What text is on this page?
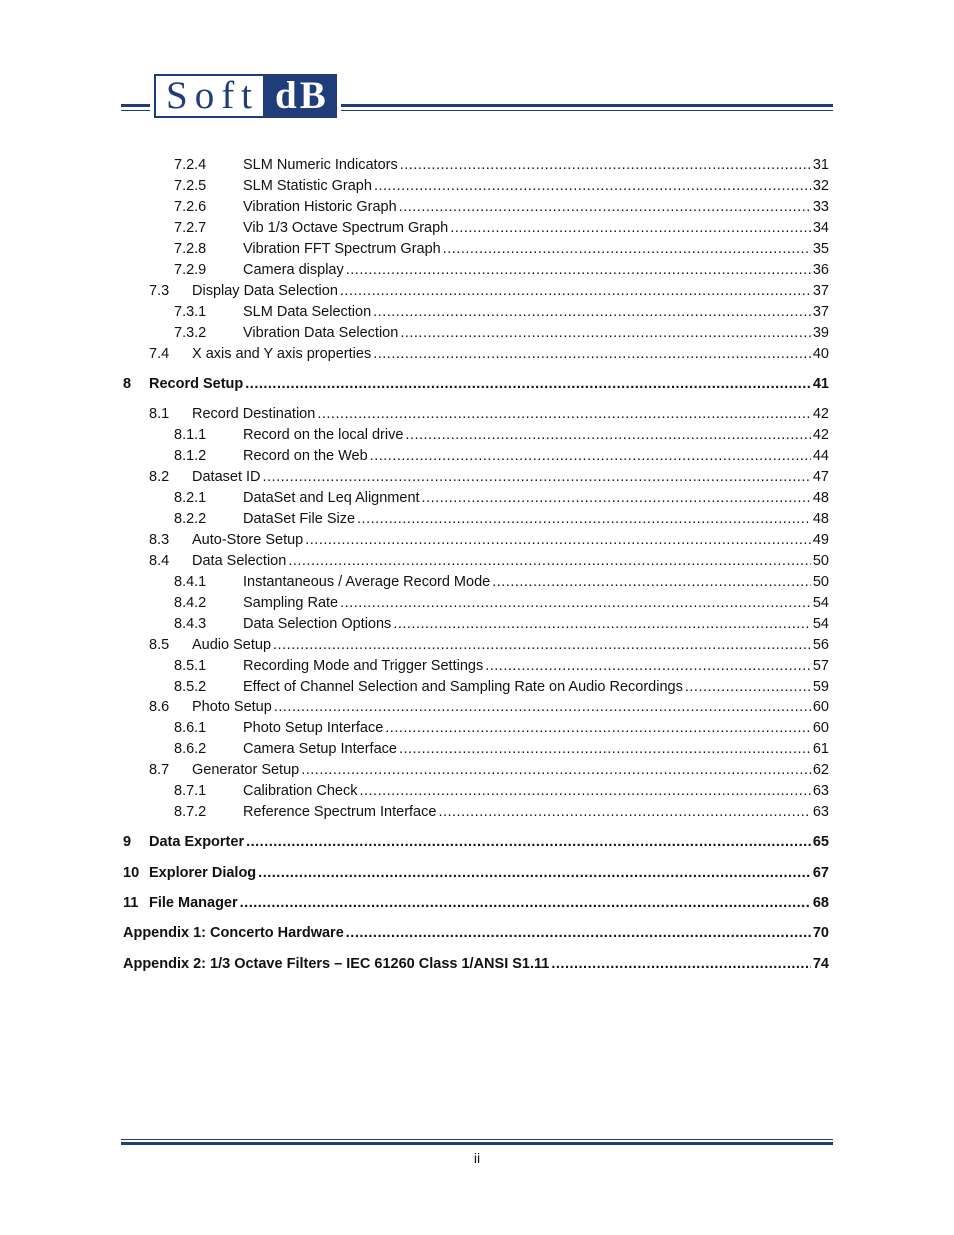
Soft dB
7.2.4	SLM Numeric Indicators .....	31
7.2.5	SLM Statistic Graph .....	32
7.2.6	Vibration Historic Graph .....	33
7.2.7	Vib 1/3 Octave Spectrum Graph .....	34
7.2.8	Vibration FFT Spectrum Graph .....	35
7.2.9	Camera display .....	36
7.3	Display Data Selection .....	37
7.3.1	SLM Data Selection .....	37
7.3.2	Vibration Data Selection .....	39
7.4	X axis and Y axis properties .....	40
8	Record Setup .....	41
8.1	Record Destination .....	42
8.1.1	Record on the local drive .....	42
8.1.2	Record on the Web .....	44
8.2	Dataset ID .....	47
8.2.1	DataSet and Leq Alignment .....	48
8.2.2	DataSet File Size .....	48
8.3	Auto-Store Setup .....	49
8.4	Data Selection .....	50
8.4.1	Instantaneous / Average Record Mode .....	50
8.4.2	Sampling Rate .....	54
8.4.3	Data Selection Options .....	54
8.5	Audio Setup .....	56
8.5.1	Recording Mode and Trigger Settings .....	57
8.5.2	Effect of Channel Selection and Sampling Rate on Audio Recordings .....	59
8.6	Photo Setup .....	60
8.6.1	Photo Setup Interface .....	60
8.6.2	Camera Setup Interface .....	61
8.7	Generator Setup .....	62
8.7.1	Calibration Check .....	63
8.7.2	Reference Spectrum Interface .....	63
9	Data Exporter .....	65
10 Explorer Dialog .....	67
11 File Manager .....	68
Appendix 1: Concerto Hardware .....	70
Appendix 2: 1/3 Octave Filters – IEC 61260 Class 1/ANSI S1.11 .....	74
ii
